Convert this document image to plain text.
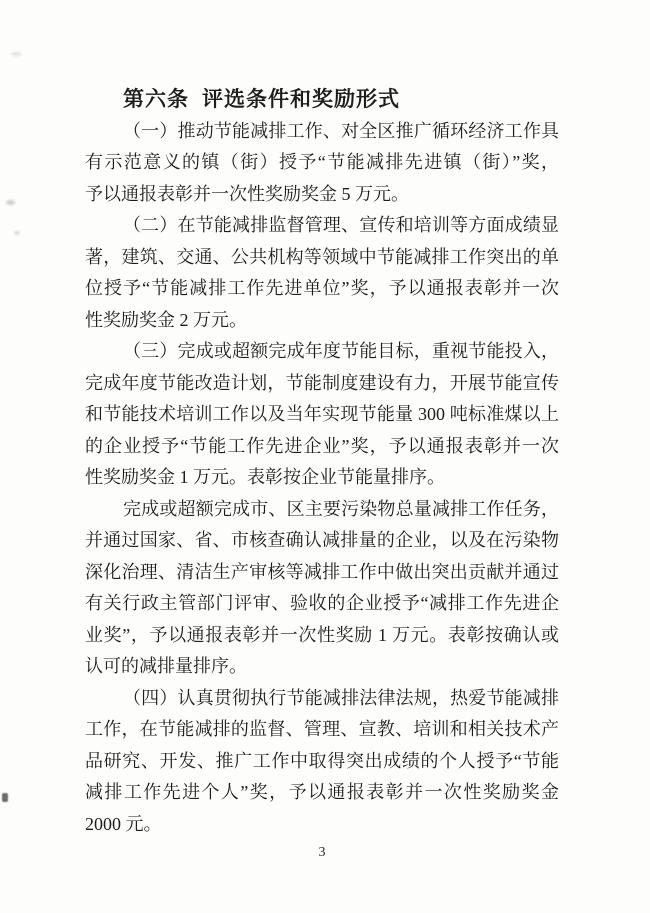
第六条 评选条件和奖励形式
（一）推动节能减排工作、对全区推广循环经济工作具
有示范意义的镇（街）授予“节能减排先进镇（街）”奖，
予以通报表彰并一次性奖励奖金 5 万元。
（二）在节能减排监督管理、宣传和培训等方面成绩显
著，建筑、交通、公共机构等领域中节能减排工作突出的单
位授予“节能减排工作先进单位”奖，予以通报表彰并一次
性奖励奖金 2 万元。
（三）完成或超额完成年度节能目标，重视节能投入，
完成年度节能改造计划，节能制度建设有力，开展节能宣传
和节能技术培训工作以及当年实现节能量 300 吨标准煤以上
的企业授予“节能工作先进企业”奖，予以通报表彰并一次
性奖励奖金 1 万元。表彰按企业节能量排序。
完成或超额完成市、区主要污染物总量减排工作任务，
并通过国家、省、市核查确认减排量的企业，以及在污染物
深化治理、清洁生产审核等减排工作中做出突出贡献并通过
有关行政主管部门评审、验收的企业授予“减排工作先进企
业奖”，予以通报表彰并一次性奖励 1 万元。表彰按确认或
认可的减排量排序。
（四）认真贯彻执行节能减排法律法规，热爱节能减排
工作，在节能减排的监督、管理、宣教、培训和相关技术产
品研究、开发、推广工作中取得突出成绩的个人授予“节能
减排工作先进个人”奖，予以通报表彰并一次性奖励奖金
2000 元。
3
